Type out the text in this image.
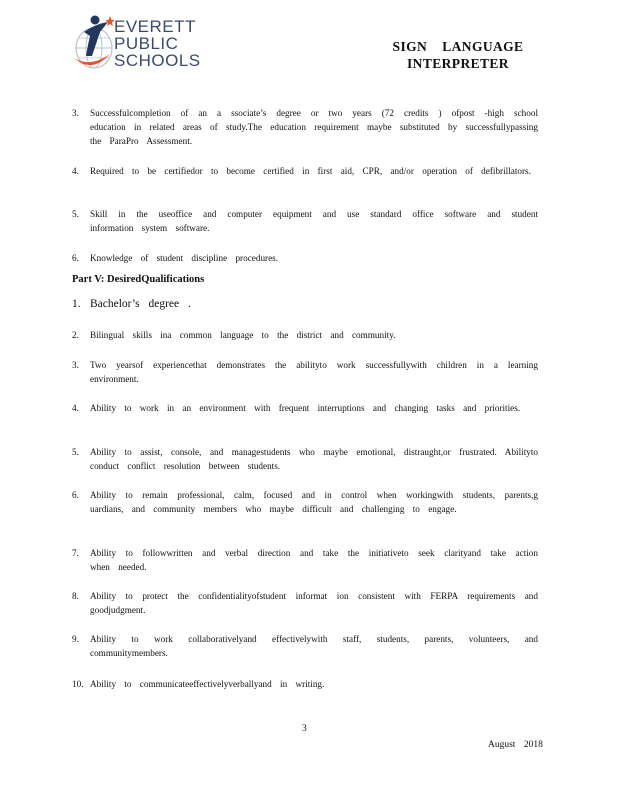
EVERETT
PUBLIC
SCHOOLS
SIGN    LANGUAGE
INTERPRETER
3. Successfulcompletion of an a ssociate’s degree or two years (72 credits ) ofpost -high school education in related areas of study.The education requirement maybe substituted by successfullypassing the ParaPro Assessment.
4. Required to be certifiedor to become certified in first aid, CPR, and/or operation of defibrillators.
5. Skill in the useoffice and computer equipment and use standard office software and student information system software.
6. Knowledge of student discipline procedures.
Part V: DesiredQualifications
1. Bachelor’s degree .
2. Bilingual skills ina common language to the district and community.
3. Two yearsof experiencethat demonstrates the abilityto work successfullywith children in a learning environment.
4. Ability to work in an environment with frequent interruptions and changing tasks and priorities.
5. Ability to assist, console, and managestudents who maybe emotional, distraught,or frustrated. Abilityto conduct conflict resolution between students.
6. Ability to remain professional, calm, focused and in control when workingwith students, parents,g uardians, and community members who maybe difficult and challenging to engage.
7. Ability to followwritten and verbal direction and take the initiativeto seek clarityand take action when needed.
8. Ability to protect the confidentialityofstudent informat ion consistent with FERPA requirements and goodjudgment.
9. Ability to work collaborativelyand effectivelywith staff, students, parents, volunteers, and communitymembers.
10. Ability to communicateeffectivelyverballyand in writing.
3
August 2018
